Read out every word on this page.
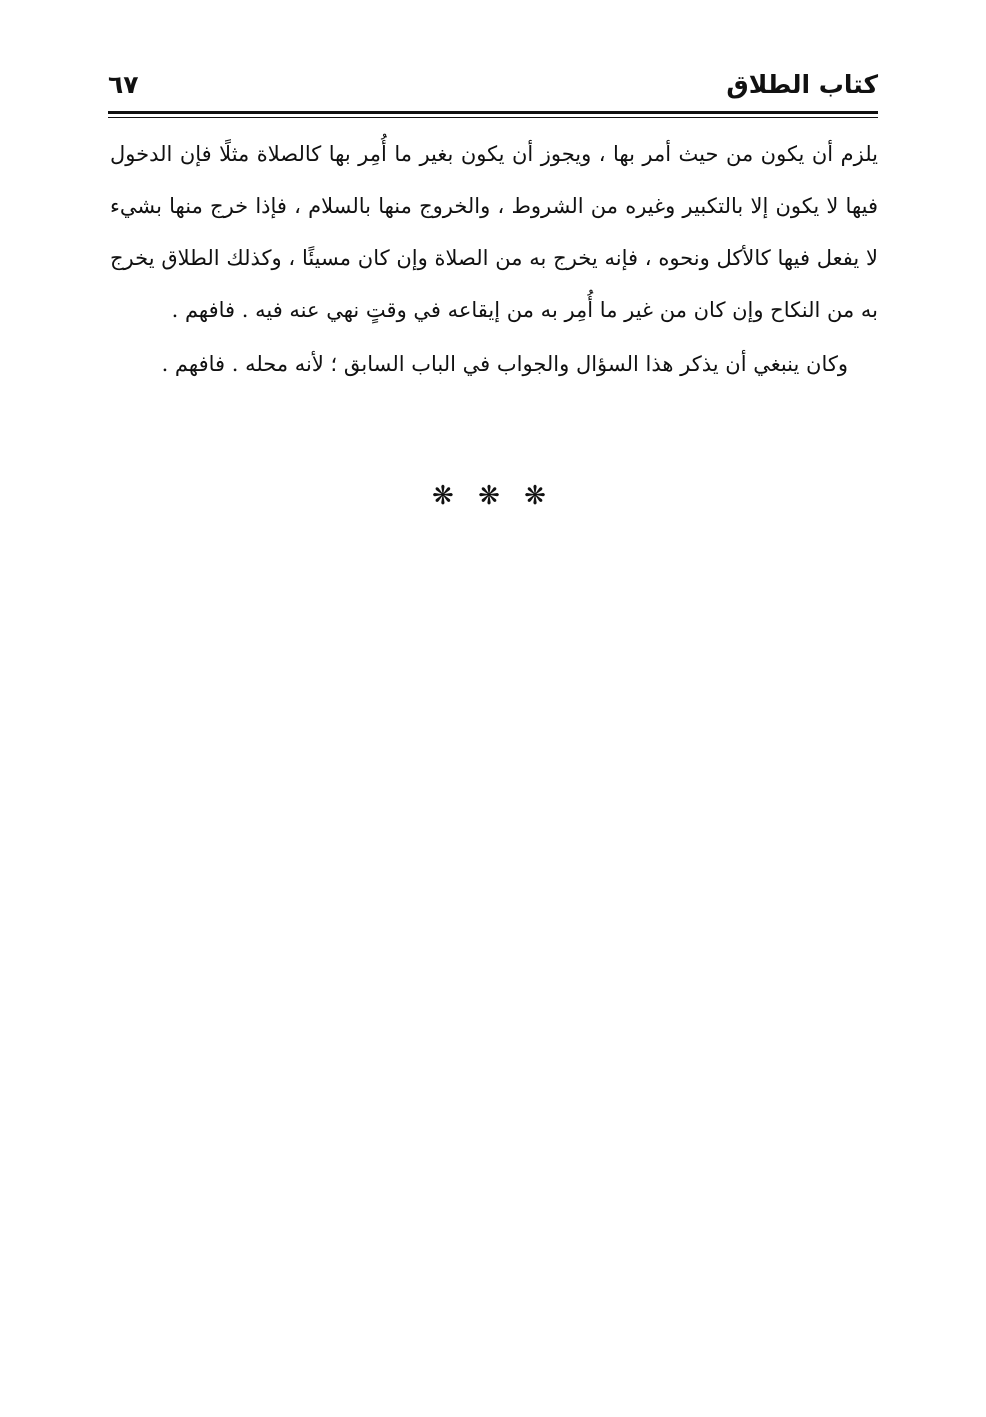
كتاب الطلاق
٦٧

يلزم أن يكون من حيث أمر بها ، ويجوز أن يكون بغير ما أُمِر بها كالصلاة مثلًا فإن الدخول فيها لا يكون إلا بالتكبير وغيره من الشروط ، والخروج منها بالسلام ، فإذا خرج منها بشيء لا يفعل فيها كالأكل ونحوه ، فإنه يخرج به من الصلاة وإن كان مسيئًا ، وكذلك الطلاق يخرج به من النكاح وإن كان من غير ما أُمِر به من إيقاعه في وقتٍ نهي عنه فيه . فافهم .

وكان ينبغي أن يذكر هذا السؤال والجواب في الباب السابق ؛ لأنه محله . فافهم .

❋ ❋ ❋
